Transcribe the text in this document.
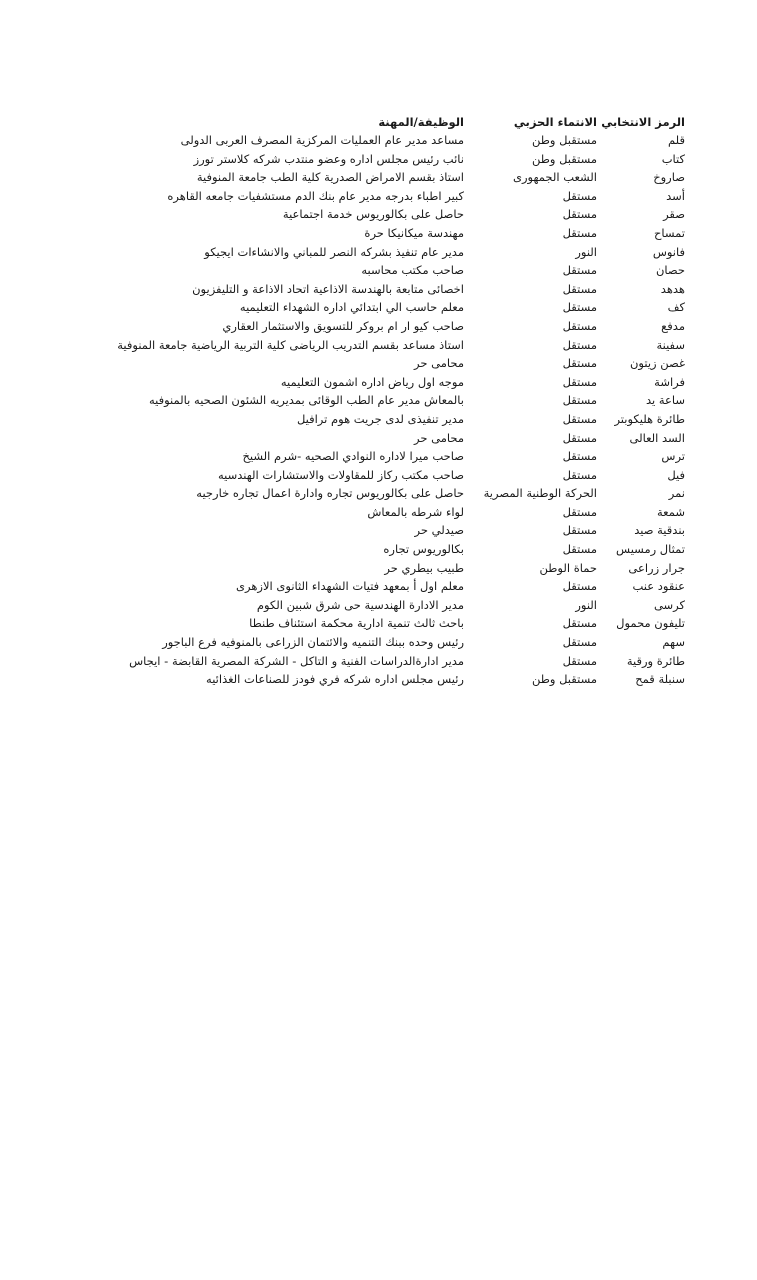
الرمز الانتخابي
الانتماء الحزبي
الوظيفة/المهنة
قلم
مستقبل وطن
مساعد مدير عام العمليات المركزية المصرف العربى الدولى
كتاب
مستقبل وطن
نائب رئيس مجلس اداره وعضو منتدب شركه كلاستر تورز
صاروخ
الشعب الجمهورى
استاذ بقسم الامراض الصدرية كلية الطب جامعة المنوفية
أسد
مستقل
كبير اطباء بدرجه مدير عام بنك الدم مستشفيات جامعه القاهره
صقر
مستقل
حاصل على بكالوريوس خدمة اجتماعية
تمساح
مستقل
مهندسة ميكانيكا حرة
فانوس
النور
مدير عام تنفيذ بشركه النصر للمباني والانشاءات ايجيكو
حصان
مستقل
صاحب مكتب محاسبه
هدهد
مستقل
اخصائى متابعة بالهندسة الاذاعية اتحاد الاذاعة و التليفزيون
كف
مستقل
معلم حاسب الي ابتدائي اداره الشهداء التعليميه
مدفع
مستقل
صاحب كيو ار ام بروكر للتسويق والاستثمار العقاري
سفينة
مستقل
استاذ مساعد بقسم التدريب الرياضى كلية التربية الرياضية جامعة المنوفية
غصن زيتون
مستقل
محامى حر
فراشة
مستقل
موجه اول رياض اداره اشمون التعليميه
ساعة يد
مستقل
بالمعاش مدير عام الطب الوقائى بمديريه الشئون الصحيه بالمنوفيه
طائرة هليكوبتر
مستقل
مدير تنفيذى لدى جريت هوم ترافيل
السد العالى
مستقل
محامى حر
ترس
مستقل
صاحب ميرا لاداره النوادي الصحيه -شرم الشيخ
فيل
مستقل
صاحب مكتب ركاز للمقاولات والاستشارات الهندسيه
نمر
الحركة الوطنية المصرية
حاصل على بكالوريوس تجاره وادارة اعمال تجاره خارجيه
شمعة
مستقل
لواء شرطه بالمعاش
بندقية صيد
مستقل
صيدلي حر
تمثال رمسيس
مستقل
بكالوريوس تجاره
جرار زراعى
حماة الوطن
طبيب بيطري حر
عنقود عنب
مستقل
معلم اول أ بمعهد فتيات الشهداء الثانوى الازهرى
كرسى
النور
مدير الادارة الهندسية حى شرق شبين الكوم
تليفون محمول
مستقل
باحث ثالث تنمية ادارية محكمة استئناف طنطا
سهم
مستقل
رئيس وحده ببنك التنميه والائتمان الزراعى بالمنوفيه فرع الباجور
طائرة ورقية
مستقل
مدير ادارةالدراسات الفنية و التاكل - الشركة المصرية القابضة - ايجاس
سنبلة قمح
مستقبل وطن
رئيس مجلس اداره شركه فري فودز للصناعات الغذائيه
